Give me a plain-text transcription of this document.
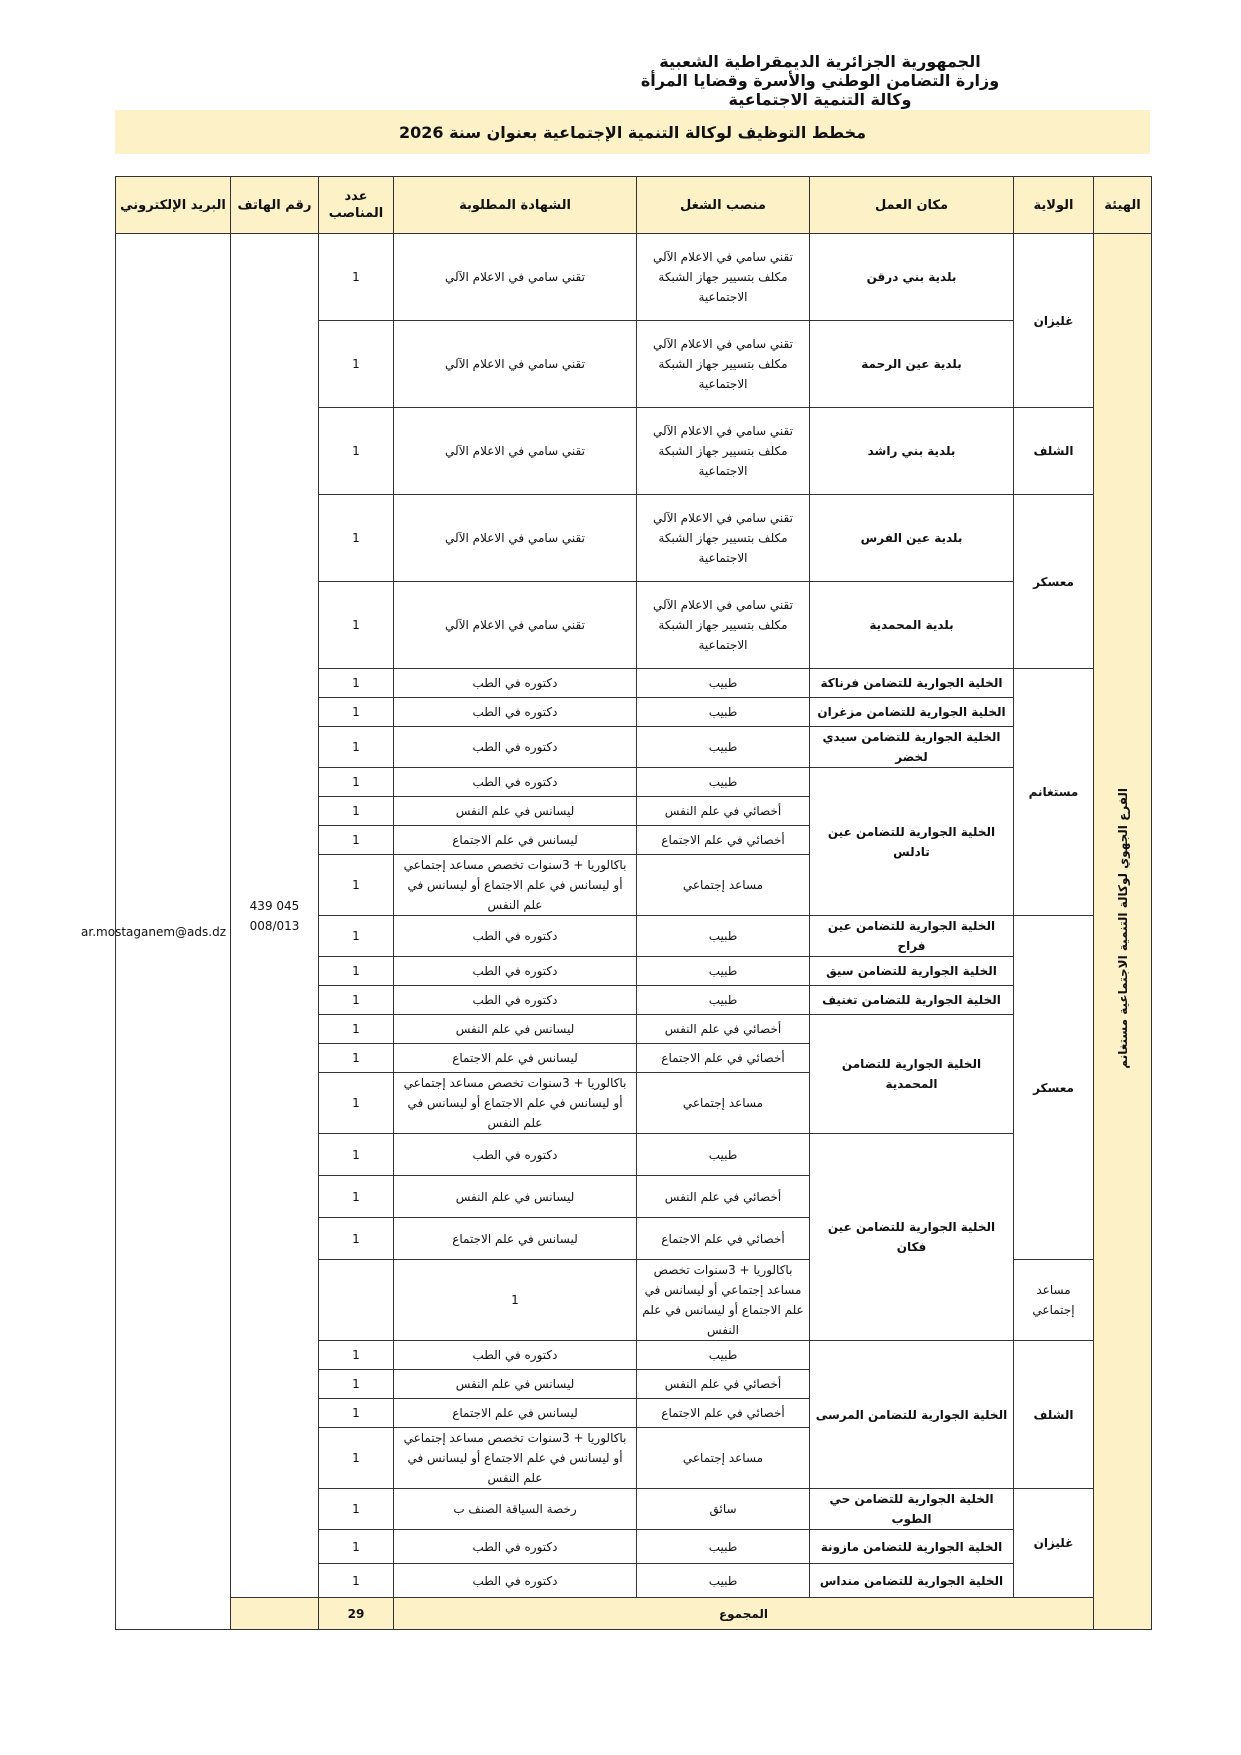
الجمهورية الجزائرية الديمقراطية الشعبية
وزارة التضامن الوطني والأسرة وقضايا المرأة
وكالة التنمية الاجتماعية
مخطط التوظيف لوكالة التنمية الإجتماعية بعنوان سنة 2026
الهيئة	الولاية	مكان العمل	منصب الشغل	الشهادة المطلوبة	عدد المناصب	رقم الهاتف	البريد الإلكتروني
الفرع الجهوي لوكالة التنمية الاجتماعية مستغانم	غليزان	بلدية بني درقن	تقني سامي في الاعلام الآلي مكلف بتسيير جهاز الشبكة الاجتماعية	تقني سامي في الاعلام الآلي	1	045 439 008/013	ar.mostaganem@ads.dz
		بلدية عين الرحمة	تقني سامي في الاعلام الآلي مكلف بتسيير جهاز الشبكة الاجتماعية	تقني سامي في الاعلام الآلي	1		
	الشلف	بلدية بني راشد	تقني سامي في الاعلام الآلي مكلف بتسيير جهاز الشبكة الاجتماعية	تقني سامي في الاعلام الآلي	1		
	معسكر	بلدية عين الفرس	تقني سامي في الاعلام الآلي مكلف بتسيير جهاز الشبكة الاجتماعية	تقني سامي في الاعلام الآلي	1		
		بلدية المحمدية	تقني سامي في الاعلام الآلي مكلف بتسيير جهاز الشبكة الاجتماعية	تقني سامي في الاعلام الآلي	1		
	مستغانم	الخلية الجوارية للتضامن فرناكة	طبيب	دكتوره في الطب	1		
		الخلية الجوارية للتضامن مزغران	طبيب	دكتوره في الطب	1		
		الخلية الجوارية للتضامن سيدي لخضر	طبيب	دكتوره في الطب	1		
		الخلية الجوارية للتضامن عين تادلس	طبيب	دكتوره في الطب	1		
			أخصائي في علم النفس	ليسانس في علم النفس	1		
			أخصائي في علم الاجتماع	ليسانس في علم الاجتماع	1		
			مساعد إجتماعي	باكالوريا + 3سنوات تخصص مساعد إجتماعي أو ليسانس في علم الاجتماع أو ليسانس في علم النفس	1		
	معسكر	الخلية الجوارية للتضامن عين فراح	طبيب	دكتوره في الطب	1		
		الخلية الجوارية للتضامن سيق	طبيب	دكتوره في الطب	1		
		الخلية الجوارية للتضامن تغنيف	طبيب	دكتوره في الطب	1		
		الخلية الجوارية للتضامن المحمدية	أخصائي في علم النفس	ليسانس في علم النفس	1		
			أخصائي في علم الاجتماع	ليسانس في علم الاجتماع	1		
			مساعد إجتماعي	باكالوريا + 3سنوات تخصص مساعد إجتماعي أو ليسانس في علم الاجتماع أو ليسانس في علم النفس	1		
		الخلية الجوارية للتضامن عين فكان	طبيب	دكتوره في الطب	1		
			أخصائي في علم النفس	ليسانس في علم النفس	1		
			أخصائي في علم الاجتماع	ليسانس في علم الاجتماع	1		
	مساعد إجتماعي		باكالوريا + 3سنوات تخصص مساعد إجتماعي أو ليسانس في علم الاجتماع أو ليسانس في علم النفس	1			
	الشلف	الخلية الجوارية للتضامن المرسى	طبيب	دكتوره في الطب	1		
			أخصائي في علم النفس	ليسانس في علم النفس	1		
			أخصائي في علم الاجتماع	ليسانس في علم الاجتماع	1		
			مساعد إجتماعي	باكالوريا + 3سنوات تخصص مساعد إجتماعي أو ليسانس في علم الاجتماع أو ليسانس في علم النفس	1		
	غليزان	الخلية الجوارية للتضامن حي الطوب	سائق	رخصة السياقة الصنف ب	1		
		الخلية الجوارية للتضامن مازونة	طبيب	دكتوره في الطب	1		
		الخلية الجوارية للتضامن منداس	طبيب	دكتوره في الطب	1		
	المجموع				29		
